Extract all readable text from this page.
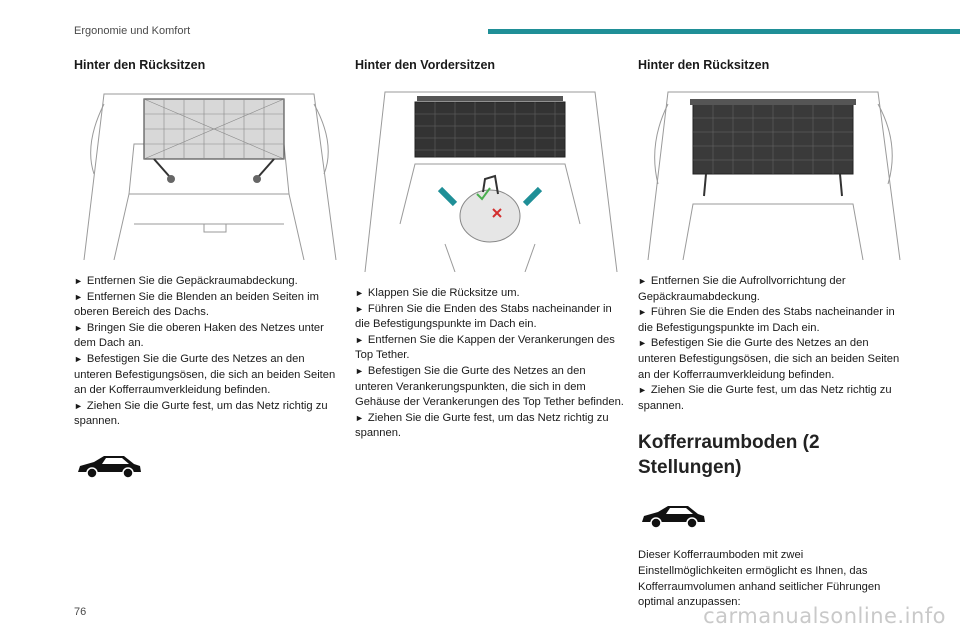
Ergonomie und Komfort
Hinter den Rücksitzen

► Entfernen Sie die Gepäckraumabdeckung.

► Entfernen Sie die Blenden an beiden Seiten im oberen Bereich des Dachs.

► Bringen Sie die oberen Haken des Netzes unter dem Dach an.

► Befestigen Sie die Gurte des Netzes an den unteren Befestigungsösen, die sich an beiden Seiten an der Kofferraumverkleidung befinden.

► Ziehen Sie die Gurte fest, um das Netz richtig zu spannen.

Hinter den Vordersitzen

► Klappen Sie die Rücksitze um.

► Führen Sie die Enden des Stabs nacheinander in die Befestigungspunkte im Dach ein.

► Entfernen Sie die Kappen der Verankerungen des Top Tether.

► Befestigen Sie die Gurte des Netzes an den unteren Verankerungspunkten, die sich in dem Gehäuse der Verankerungen des Top Tether befinden.

► Ziehen Sie die Gurte fest, um das Netz richtig zu spannen.

Hinter den Rücksitzen

► Entfernen Sie die Aufrollvorrichtung der Gepäckraumabdeckung.

► Führen Sie die Enden des Stabs nacheinander in die Befestigungspunkte im Dach ein.

► Befestigen Sie die Gurte des Netzes an den unteren Befestigungsösen, die sich an beiden Seiten an der Kofferraumverkleidung befinden.

► Ziehen Sie die Gurte fest, um das Netz richtig zu spannen.

Kofferraumboden (2 Stellungen)

Dieser Kofferraumboden mit zwei Einstellmöglichkeiten ermöglicht es Ihnen, das Kofferraumvolumen anhand seitlicher Führungen optimal anzupassen:

76	carmanualsonline.info
